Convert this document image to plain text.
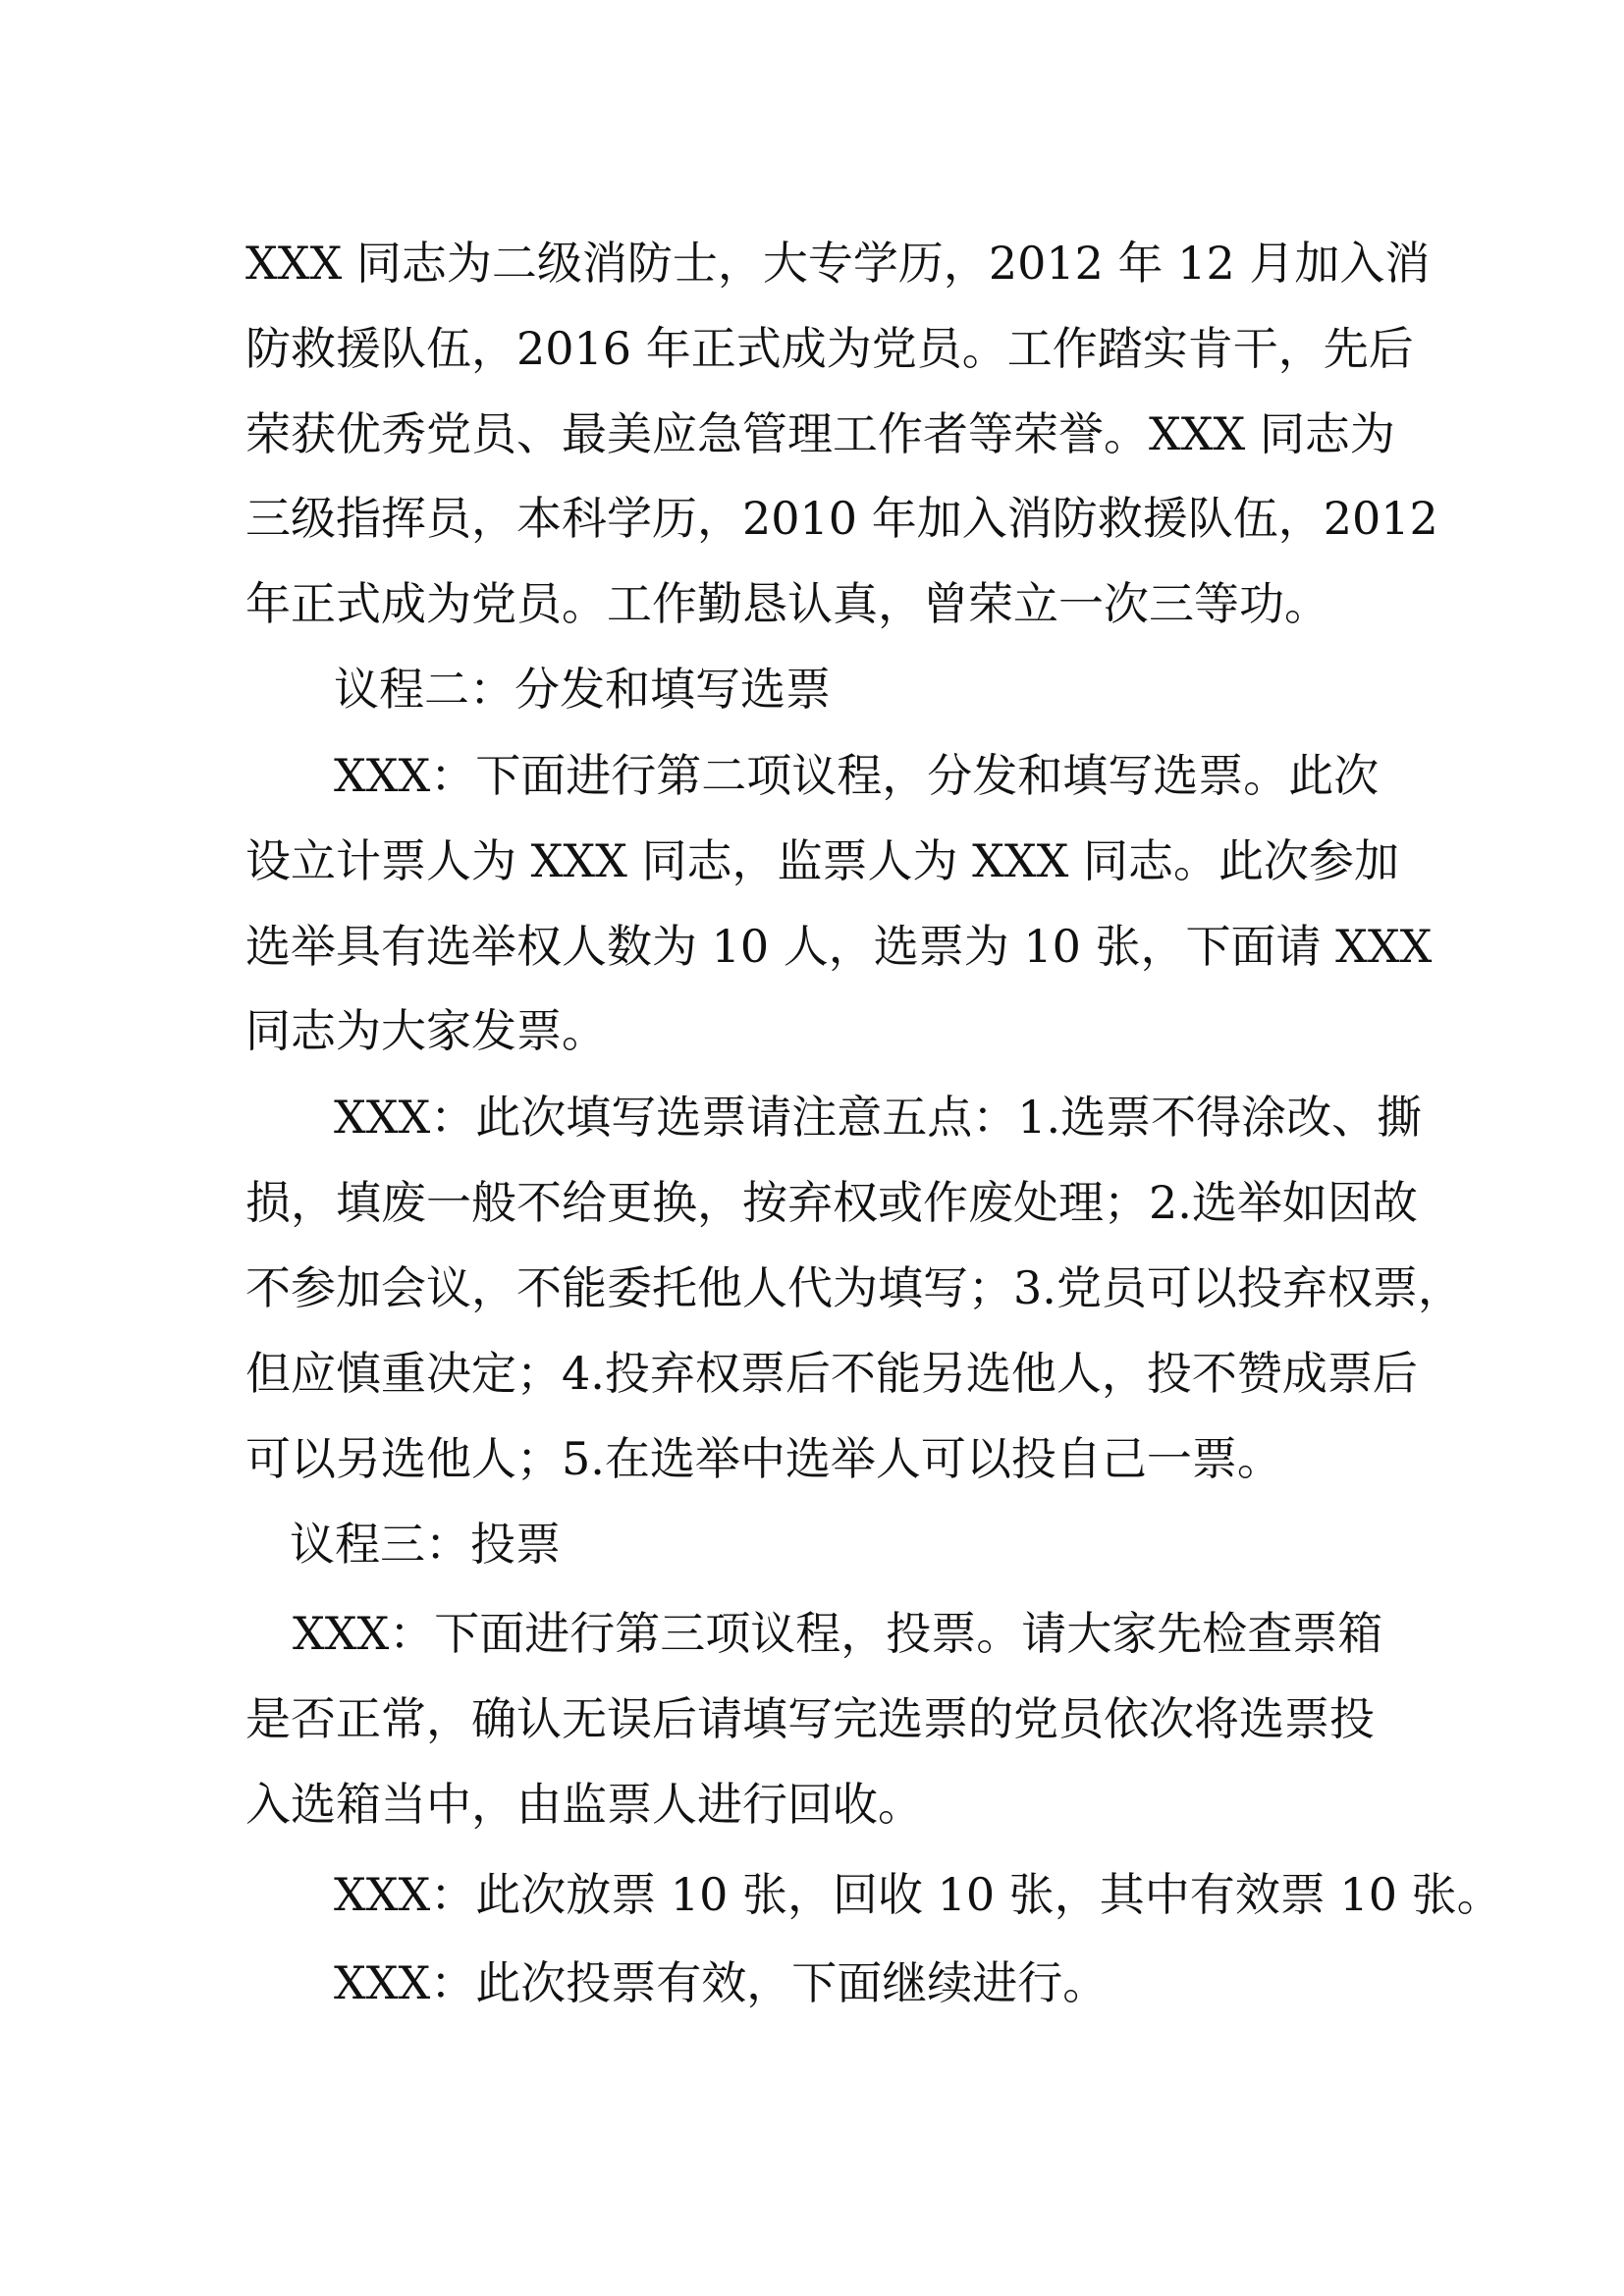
XXX 同志为二级消防士，大专学历，2012 年 12 月加入消

防救援队伍，2016 年正式成为党员。工作踏实肯干，先后

荣获优秀党员、最美应急管理工作者等荣誉。XXX 同志为

三级指挥员，本科学历，2010 年加入消防救援队伍，2012

年正式成为党员。工作勤恳认真，曾荣立一次三等功。

议程二：分发和填写选票

XXX：下面进行第二项议程，分发和填写选票。此次

设立计票人为 XXX 同志，监票人为 XXX 同志。此次参加

选举具有选举权人数为 10 人，选票为 10 张，下面请 XXX

同志为大家发票。

XXX：此次填写选票请注意五点：1.选票不得涂改、撕

损，填废一般不给更换，按弃权或作废处理；2.选举如因故

不参加会议，不能委托他人代为填写；3.党员可以投弃权票，

但应慎重决定；4.投弃权票后不能另选他人，投不赞成票后

可以另选他人；5.在选举中选举人可以投自己一票。

议程三：投票

XXX：下面进行第三项议程，投票。请大家先检查票箱

是否正常，确认无误后请填写完选票的党员依次将选票投

入选箱当中，由监票人进行回收。

XXX：此次放票 10 张，回收 10 张，其中有效票 10 张。

XXX：此次投票有效，下面继续进行。
